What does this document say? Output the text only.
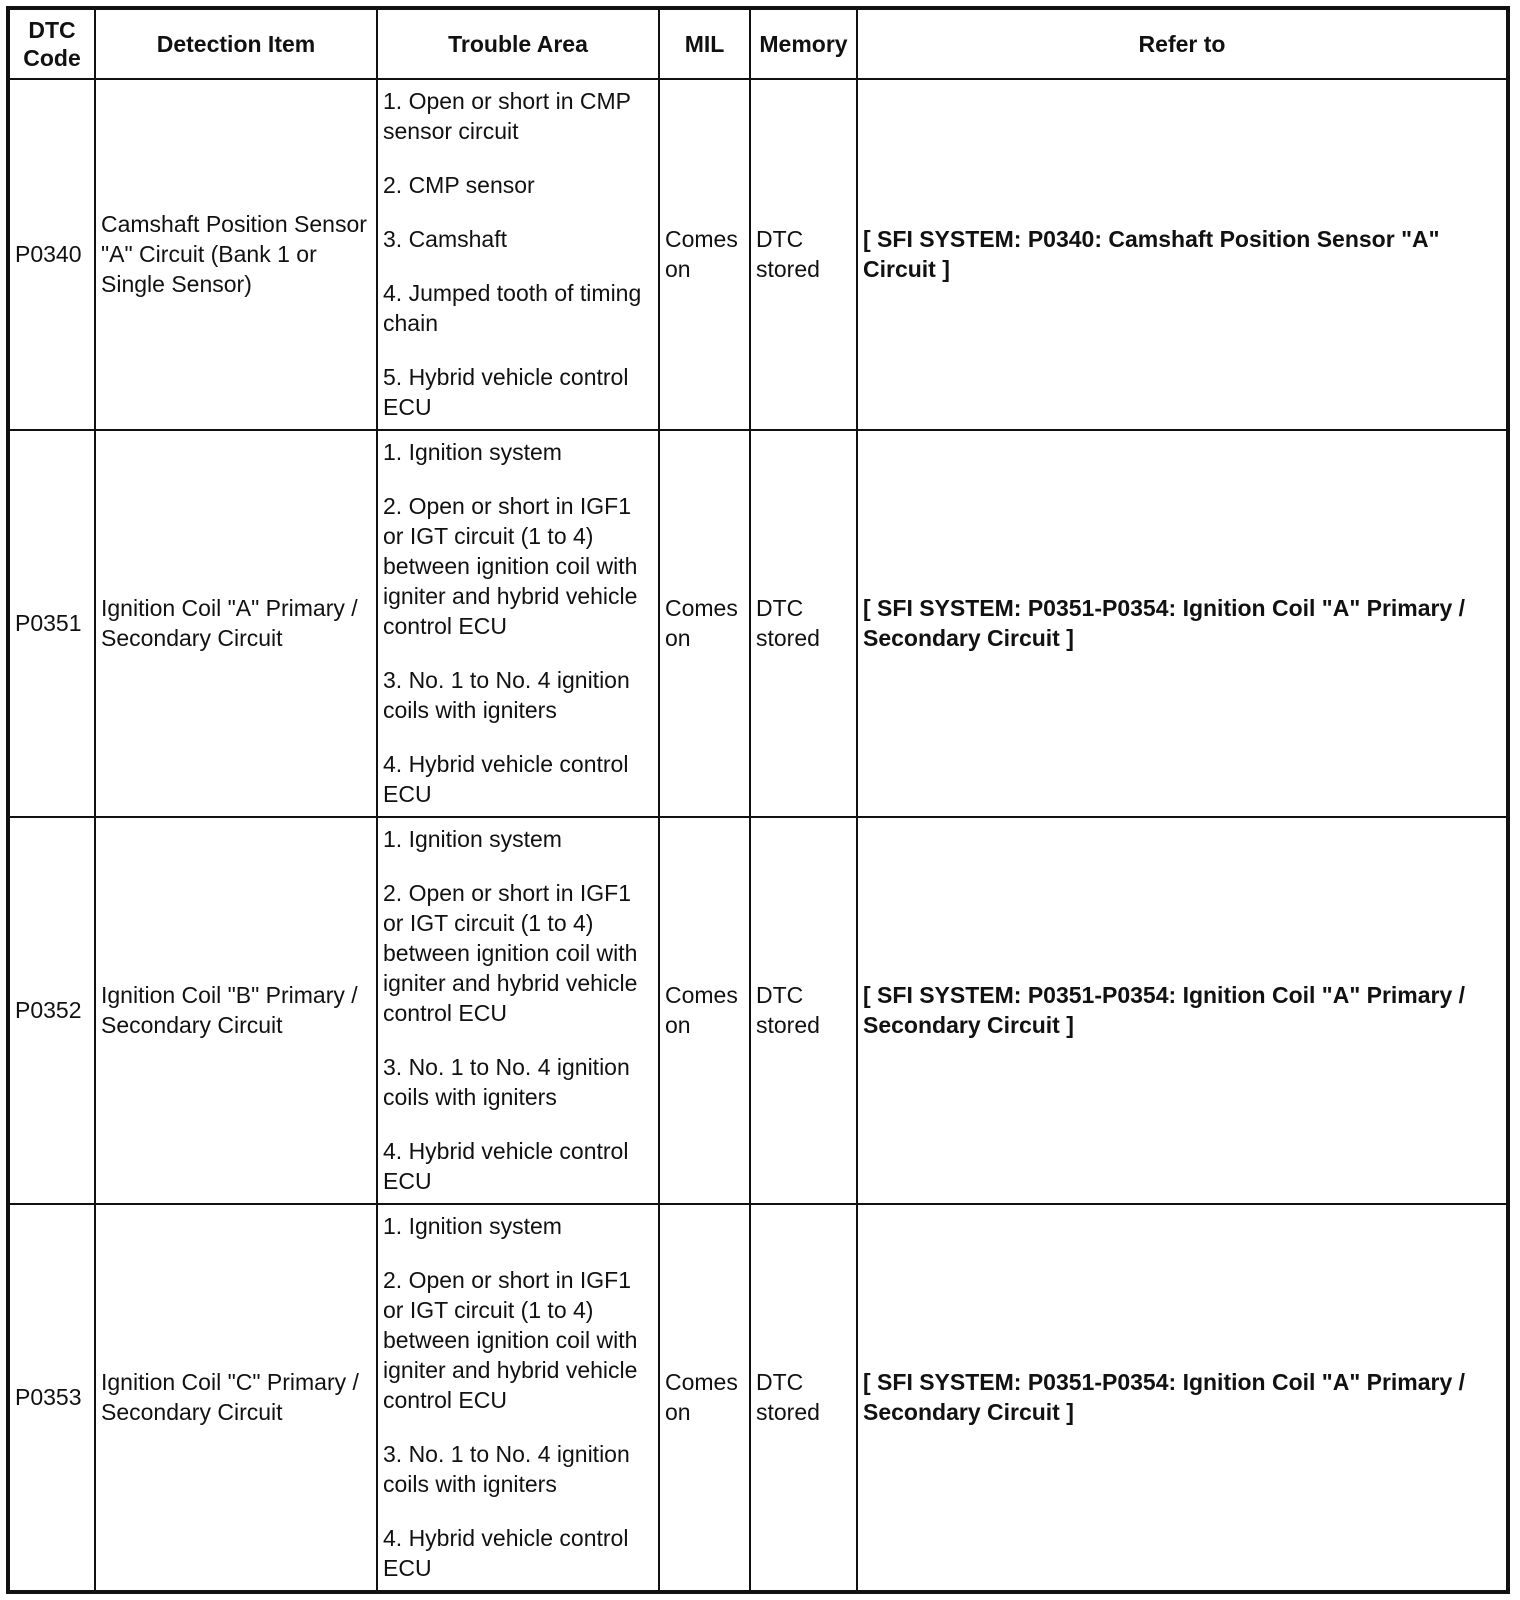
DTC Code	Detection Item	Trouble Area	MIL	Memory	Refer to
P0340	Camshaft Position Sensor "A" Circuit (Bank 1 or Single Sensor)	1. Open or short in CMP sensor circuit
2. CMP sensor
3. Camshaft
4. Jumped tooth of timing chain
5. Hybrid vehicle control ECU	Comes on	DTC stored	[ SFI SYSTEM: P0340: Camshaft Position Sensor "A" Circuit ]
P0351	Ignition Coil "A" Primary / Secondary Circuit	1. Ignition system
2. Open or short in IGF1 or IGT circuit (1 to 4) between ignition coil with igniter and hybrid vehicle control ECU
3. No. 1 to No. 4 ignition coils with igniters
4. Hybrid vehicle control ECU	Comes on	DTC stored	[ SFI SYSTEM: P0351-P0354: Ignition Coil "A" Primary / Secondary Circuit ]
P0352	Ignition Coil "B" Primary / Secondary Circuit	1. Ignition system
2. Open or short in IGF1 or IGT circuit (1 to 4) between ignition coil with igniter and hybrid vehicle control ECU
3. No. 1 to No. 4 ignition coils with igniters
4. Hybrid vehicle control ECU	Comes on	DTC stored	[ SFI SYSTEM: P0351-P0354: Ignition Coil "A" Primary / Secondary Circuit ]
P0353	Ignition Coil "C" Primary / Secondary Circuit	1. Ignition system
2. Open or short in IGF1 or IGT circuit (1 to 4) between ignition coil with igniter and hybrid vehicle control ECU
3. No. 1 to No. 4 ignition coils with igniters
4. Hybrid vehicle control ECU	Comes on	DTC stored	[ SFI SYSTEM: P0351-P0354: Ignition Coil "A" Primary / Secondary Circuit ]
